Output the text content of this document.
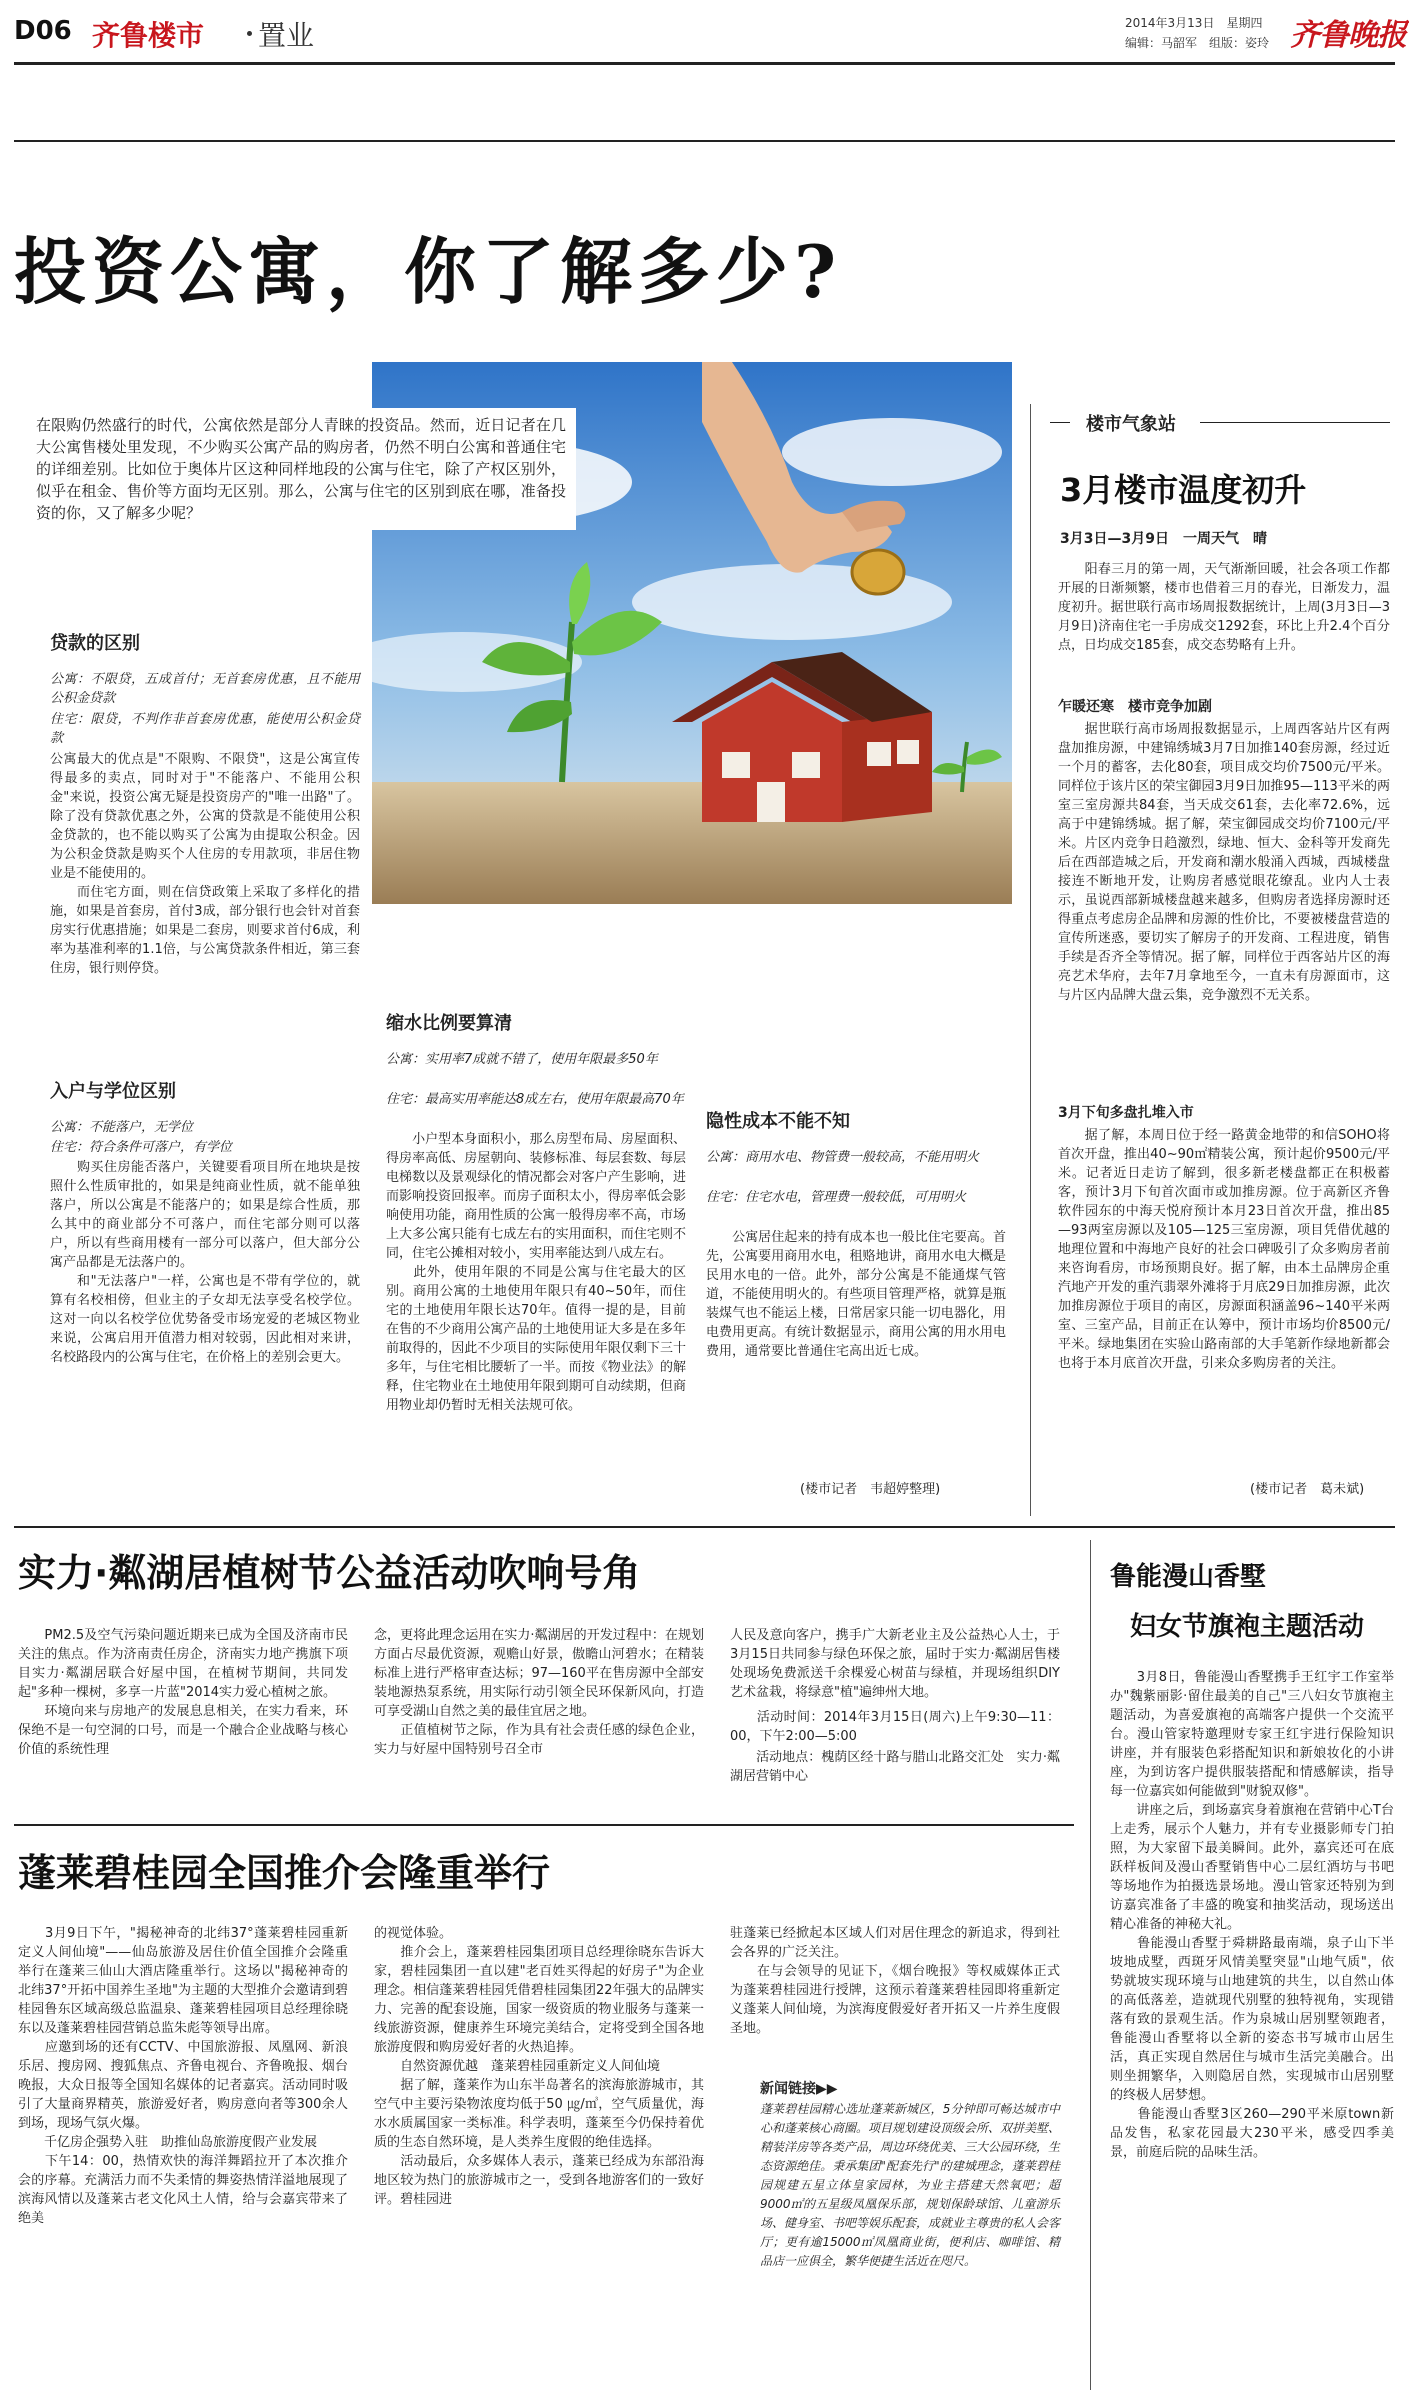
D06 齐鲁楼市 置业	2014年3月13日　星期四
编辑：马韶军　组版：姿玲 齐鲁晚报
投资公寓，你了解多少?
在限购仍然盛行的时代，公寓依然是部分人青睐的投资品。然而，近日记者在几大公寓售楼处里发现，不少购买公寓产品的购房者，仍然不明白公寓和普通住宅的详细差别。比如位于奥体片区这种同样地段的公寓与住宅，除了产权区别外，似乎在租金、售价等方面均无区别。那么，公寓与住宅的区别到底在哪，准备投资的你，又了解多少呢？
贷款的区别
公寓：不限贷，五成首付；无首套房优惠，且不能用公积金贷款
住宅：限贷，不判作非首套房优惠，能使用公积金贷款
公寓最大的优点是"不限购、不限贷"，这是公寓宣传得最多的卖点，同时对于"不能落户、不能用公积金"来说，投资公寓无疑是投资房产的"唯一出路"了。除了没有贷款优惠之外，公寓的贷款是不能使用公积金贷款的，也不能以购买了公寓为由提取公积金。因为公积金贷款是购买个人住房的专用款项，非居住物业是不能使用的。
　　而住宅方面，则在信贷政策上采取了多样化的措施，如果是首套房，首付3成，部分银行也会针对首套房实行优惠措施；如果是二套房，则要求首付6成，利率为基准利率的1.1倍，与公寓贷款条件相近，第三套住房，银行则停贷。
入户与学位区别
公寓：不能落户，无学位
住宅：符合条件可落户，有学位
　　购买住房能否落户，关键要看项目所在地块是按照什么性质审批的，如果是纯商业性质，就不能单独落户，所以公寓是不能落户的；如果是综合性质，那么其中的商业部分不可落户，而住宅部分则可以落户，所以有些商用楼有一部分可以落户，但大部分公寓产品都是无法落户的。
　　和"无法落户"一样，公寓也是不带有学位的，就算有名校相傍，但业主的子女却无法享受名校学位。这对一向以名校学位优势备受市场宠爱的老城区物业来说，公寓启用开值潜力相对较弱，因此相对来讲，名校路段内的公寓与住宅，在价格上的差别会更大。
缩水比例要算清
公寓：实用率7成就不错了，使用年限最多50年
住宅：最高实用率能达8成左右，使用年限最高70年
　　小户型本身面积小，那么房型布局、房屋面积、得房率高低、房屋朝向、装修标准、每层套数、每层电梯数以及景观绿化的情况都会对客户产生影响，进而影响投资回报率。而房子面积太小，得房率低会影响使用功能，商用性质的公寓一般得房率不高，市场上大多公寓只能有七成左右的实用面积，而住宅则不同，住宅公摊相对较小，实用率能达到八成左右。
　　此外，使用年限的不同是公寓与住宅最大的区别。商用公寓的土地使用年限只有40~50年，而住宅的土地使用年限长达70年。值得一提的是，目前在售的不少商用公寓产品的土地使用证大多是在多年前取得的，因此不少项目的实际使用年限仅剩下三十多年，与住宅相比腰斩了一半。而按《物业法》的解释，住宅物业在土地使用年限到期可自动续期，但商用物业却仍暂时无相关法规可依。
隐性成本不能不知
公寓：商用水电、物管费一般较高，不能用明火
住宅：住宅水电，管理费一般较低，可用明火
　　公寓居住起来的持有成本也一般比住宅要高。首先，公寓要用商用水电，租赂地讲，商用水电大概是民用水电的一倍。此外，部分公寓是不能通煤气管道，不能使用明火的。有些项目管理严格，就算是瓶装煤气也不能运上楼，日常居家只能一切电器化，用电费用更高。有统计数据显示，商用公寓的用水用电费用，通常要比普通住宅高出近七成。
(楼市记者　韦超婷整理)
楼市气象站
3月楼市温度初升
3月3日—3月9日　一周天气　晴
　　阳春三月的第一周，天气渐渐回暖，社会各项工作都开展的日渐频繁，楼市也借着三月的春光，日渐发力，温度初升。据世联行高市场周报数据统计，上周(3月3日—3月9日)济南住宅一手房成交1292套，环比上升2.4个百分点，日均成交185套，成交态势略有上升。
乍暖还寒　楼市竞争加剧
　　据世联行高市场周报数据显示，上周西客站片区有两盘加推房源，中建锦绣城3月7日加推140套房源，经过近一个月的蓄客，去化80套，项目成交均价7500元/平米。同样位于该片区的荣宝御园3月9日加推95—113平米的两室三室房源共84套，当天成交61套，去化率72.6%，远高于中建锦绣城。据了解，荣宝御园成交均价7100元/平米。片区内竞争日趋激烈，绿地、恒大、金科等开发商先后在西部造城之后，开发商和潮水般涌入西城，西城楼盘接连不断地开发，让购房者感觉眼花缭乱。业内人士表示，虽说西部新城楼盘越来越多，但购房者选择房源时还得重点考虑房企品牌和房源的性价比，不要被楼盘营造的宣传所迷惑，要切实了解房子的开发商、工程进度，销售手续是否齐全等情况。据了解，同样位于西客站片区的海亮艺术华府，去年7月拿地至今，一直未有房源面市，这与片区内品牌大盘云集，竞争激烈不无关系。
3月下旬多盘扎堆入市
　　据了解，本周日位于经一路黄金地带的和信SOHO将首次开盘，推出40~90㎡精装公寓，预计起价9500元/平米。记者近日走访了解到，很多新老楼盘都正在积极蓄客，预计3月下旬首次面市或加推房源。位于高新区齐鲁软件园东的中海天悦府预计本月23日首次开盘，推出85—93两室房源以及105—125三室房源，项目凭借优越的地理位置和中海地产良好的社会口碑吸引了众多购房者前来咨询看房，市场预期良好。据了解，由本土品牌房企重汽地产开发的重汽翡翠外滩将于月底29日加推房源，此次加推房源位于项目的南区，房源面积涵盖96~140平米两室、三室产品，目前正在认筹中，预计市场均价8500元/平米。绿地集团在实验山路南部的大手笔新作绿地新都会也将于本月底首次开盘，引来众多购房者的关注。
(楼市记者　葛未斌)
实力·粼湖居植树节公益活动吹响号角
　　PM2.5及空气污染问题近期来已成为全国及济南市民关注的焦点。作为济南责任房企，济南实力地产携旗下项目实力·粼湖居联合好屋中国，在植树节期间，共同发起"多种一棵树，多享一片蓝"2014实力爱心植树之旅。
　　环境向来与房地产的发展息息相关，在实力看来，环保绝不是一句空洞的口号，而是一个融合企业战略与核心价值的系统性理
念，更将此理念运用在实力·粼湖居的开发过程中：在规划方面占尽最优资源，观赡山好景，傲瞻山河碧水；在精装标准上进行严格审查达标；97—160平在售房源中全部安装地源热泵系统，用实际行动引领全民环保新风向，打造可享受湖山自然之美的最佳宜居之地。
　　正值植树节之际，作为具有社会责任感的绿色企业，实力与好屋中国特别号召全市
人民及意向客户，携手广大新老业主及公益热心人士，于3月15日共同参与绿色环保之旅，届时于实力·粼湖居售楼处现场免费派送千余棵爱心树苗与绿植，并现场组织DIY艺术盆栽，将绿意"植"遍绅州大地。
　　活动时间：2014年3月15日(周六)上午9:30—11：00，下午2:00—5:00
　　活动地点：槐荫区经十路与腊山北路交汇处　实力·粼湖居营销中心
蓬莱碧桂园全国推介会隆重举行
　　3月9日下午，"揭秘神奇的北纬37°蓬莱碧桂园重新定义人间仙境"——仙岛旅游及居住价值全国推介会隆重举行在蓬莱三仙山大酒店隆重举行。这场以"揭秘神奇的北纬37°开拓中国养生圣地"为主题的大型推介会邀请到碧桂园鲁东区域高级总监温泉、蓬莱碧桂园项目总经理徐晓东以及蓬莱碧桂园营销总监朱彪等领导出席。
　　应邀到场的还有CCTV、中国旅游报、凤凰网、新浪乐居、搜房网、搜狐焦点、齐鲁电视台、齐鲁晚报、烟台晚报，大众日报等全国知名媒体的记者嘉宾。活动同时吸引了大量商界精英，旅游爱好者，购房意向者等300余人到场，现场气氛火爆。
　　千亿房企强势入驻　助推仙岛旅游度假产业发展
　　下午14：00，热情欢快的海洋舞蹈拉开了本次推介会的序幕。充满活力而不失柔情的舞姿热情洋溢地展现了滨海风情以及蓬莱古老文化风土人情，给与会嘉宾带来了绝美
的视觉体验。
　　推介会上，蓬莱碧桂园集团项目总经理徐晓东告诉大家，碧桂园集团一直以建"老百姓买得起的好房子"为企业理念。相信蓬莱碧桂园凭借碧桂园集团22年强大的品牌实力、完善的配套设施，国家一级资质的物业服务与蓬莱一线旅游资源，健康养生环境完美结合，定将受到全国各地旅游度假和购房爱好者的火热追捧。
　　自然资源优越　蓬莱碧桂园重新定义人间仙境
　　据了解，蓬莱作为山东半岛著名的滨海旅游城市，其空气中主要污染物浓度均低于50 ㎍/㎥，空气质量优，海水水质属国家一类标准。科学表明，蓬莱至今仍保持着优质的生态自然环境，是人类养生度假的绝佳选择。
　　活动最后，众多媒体人表示，蓬莱已经成为东部沿海地区较为热门的旅游城市之一，受到各地游客们的一致好评。碧桂园进
驻蓬莱已经掀起本区域人们对居住理念的新追求，得到社会各界的广泛关注。
　　在与会领导的见证下，《烟台晚报》等权威媒体正式为蓬莱碧桂园进行授牌，这预示着蓬莱碧桂园即将重新定义蓬莱人间仙境，为滨海度假爱好者开拓又一片养生度假圣地。
新闻链接▶▶
蓬莱碧桂园精心选址蓬莱新城区，5分钟即可畅达城市中心和蓬莱核心商圈。项目规划建设顶级会所、双拼美墅、精装洋房等各类产品，周边环绕优美、三大公园环绕，生态资源绝佳。秉承集团"配套先行"的建城理念，蓬莱碧桂园规建五星立体皇家园林，为业主搭建天然氧吧；超9000㎡的五星级凤凰保乐部，规划保龄球馆、儿童游乐场、健身室、书吧等娱乐配套，成就业主尊贵的私人会客厅；更有逾15000㎡凤凰商业街，便利店、咖啡馆、精品店一应俱全，繁华便捷生活近在咫尺。
鲁能漫山香墅
妇女节旗袍主题活动
　　3月8日，鲁能漫山香墅携手王红宇工作室举办"魏紫丽影·留住最美的自己"三八妇女节旗袍主题活动，为喜爱旗袍的高端客户提供一个交流平台。漫山管家特邀理财专家王红宇进行保险知识讲座，并有服装色彩搭配知识和新娘妆化的小讲座，为到访客户提供服装搭配和情感解读，指导每一位嘉宾如何能做到"财貌双修"。
　　讲座之后，到场嘉宾身着旗袍在营销中心T台上走秀，展示个人魅力，并有专业摄影师专门拍照，为大家留下最美瞬间。此外，嘉宾还可在底跃样板间及漫山香墅销售中心二层红酒坊与书吧等场地作为拍摄选景场地。漫山管家还特别为到访嘉宾准备了丰盛的晚宴和抽奖活动，现场送出精心准备的神秘大礼。
　　鲁能漫山香墅于舜耕路最南端，泉子山下半坡地成墅，西斑牙风情美墅突显"山地气质"，依势就坡实现环境与山地建筑的共生，以自然山体的高低落差，造就现代别墅的独特视角，实现错落有致的景观生活。作为泉城山居别墅领跑者，鲁能漫山香墅将以全新的姿态书写城市山居生活，真正实现自然居住与城市生活完美融合。出则坐拥繁华，入则隐居自然，实现城市山居别墅的终极人居梦想。
　　鲁能漫山香墅3区260—290平米原town新品发售，私家花园最大230平米，感受四季美景，前庭后院的品味生活。
